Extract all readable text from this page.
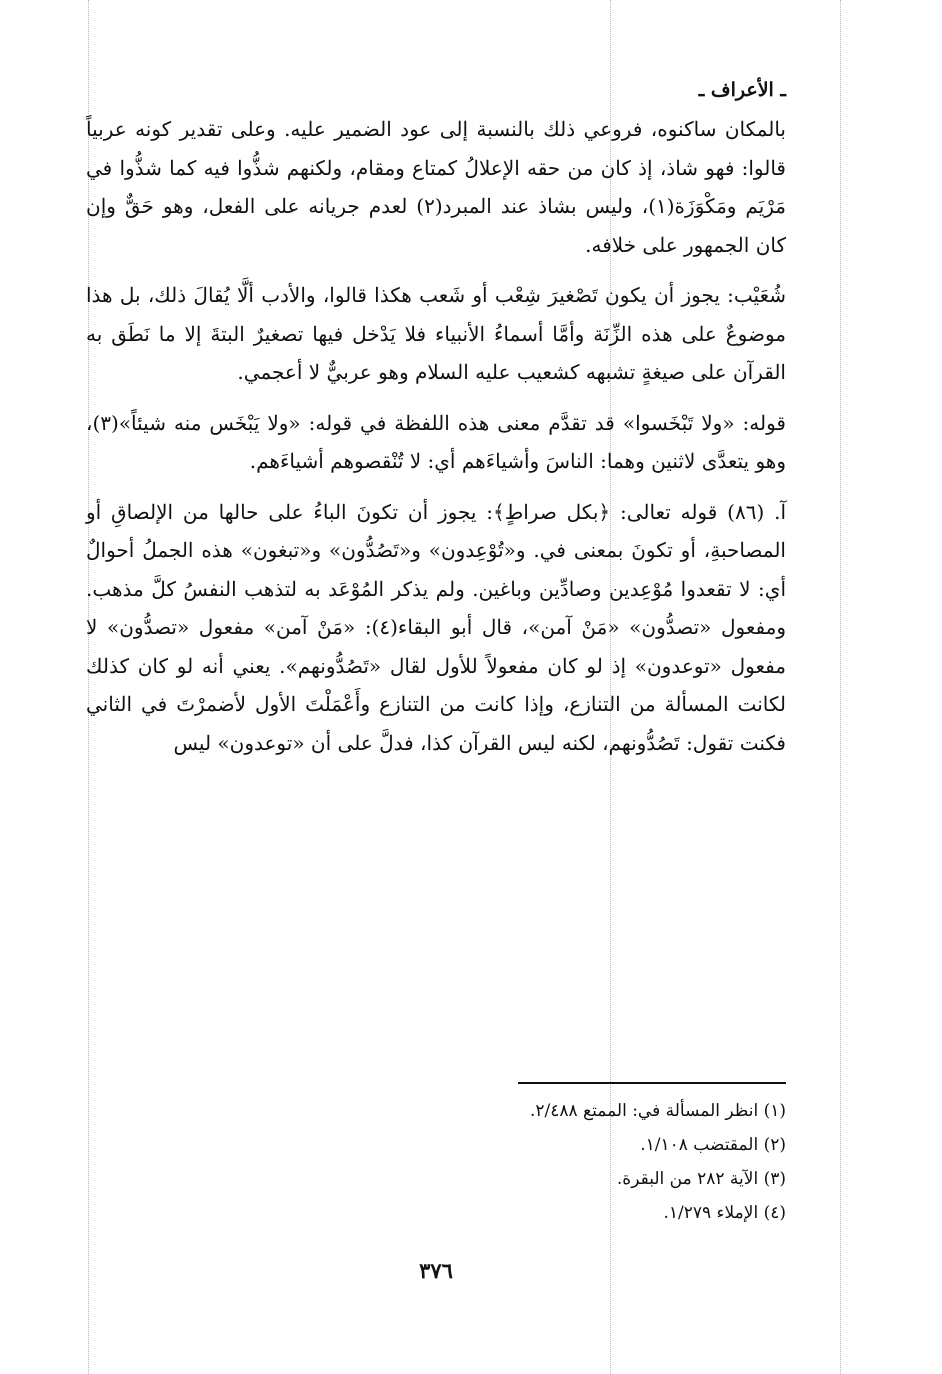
ـ الأعراف ـ

بالمكان ساكنوه، فروعي ذلك بالنسبة إلى عود الضمير عليه. وعلى تقدير كونه عربياً قالوا: فهو شاذ، إذ كان من حقه الإعلالُ كمتاع ومقام، ولكنهم شذُّوا فيه كما شذُّوا في مَرْيَم ومَكْوَزَة(١)، وليس بشاذ عند المبرد(٢) لعدم جريانه على الفعل، وهو حَقٌّ وإن كان الجمهور على خلافه.

شُعَيْب: يجوز أن يكون تَصْغيرَ شِعْب أو شَعب هكذا قالوا، والأدب ألَّا يُقالَ ذلك، بل هذا موضوعٌ على هذه الزِّنَة وأمَّا أسماءُ الأنبياء فلا يَدْخل فيها تصغيرٌ البتةَ إلا ما نَطَق به القرآن على صيغةٍ تشبهه كشعيب عليه السلام وهو عربيٌّ لا أعجمي.

قوله: «ولا تَبْخَسوا» قد تقدَّم معنى هذه اللفظة في قوله: «ولا يَبْخَس منه شيئاً»(٣)، وهو يتعدَّى لاثنين وهما: الناسَ وأشياءَهم أي: لا تُنْقصوهم أشياءَهم.

آ. (٨٦) قوله تعالى: ﴿بكل صراطٍ﴾: يجوز أن تكونَ الباءُ على حالها من الإلصاقِ أو المصاحبةِ، أو تكونَ بمعنى في. و«تُوْعِدون» و«تَصُدُّون» و«تبغون» هذه الجملُ أحوالٌ أي: لا تقعدوا مُوْعِدين وصادِّين وباغين. ولم يذكر المُوْعَد به لتذهب النفسُ كلَّ مذهب. ومفعول «تصدُّون» «مَنْ آمن»، قال أبو البقاء(٤): «مَنْ آمن» مفعول «تصدُّون» لا مفعول «توعدون» إذ لو كان مفعولاً للأول لقال «تَصُدُّونهم». يعني أنه لو كان كذلك لكانت المسألة من التنازع، وإذا كانت من التنازع وأَعْمَلْتَ الأول لأضمرْتَ في الثاني فكنت تقول: تَصُدُّونهم، لكنه ليس القرآن كذا، فدلَّ على أن «توعدون» ليس

(١) انظر المسألة في: الممتع ٢/٤٨٨.
(٢) المقتضب ١/١٠٨.
(٣) الآية ٢٨٢ من البقرة.
(٤) الإملاء ١/٢٧٩.
٣٧٦
